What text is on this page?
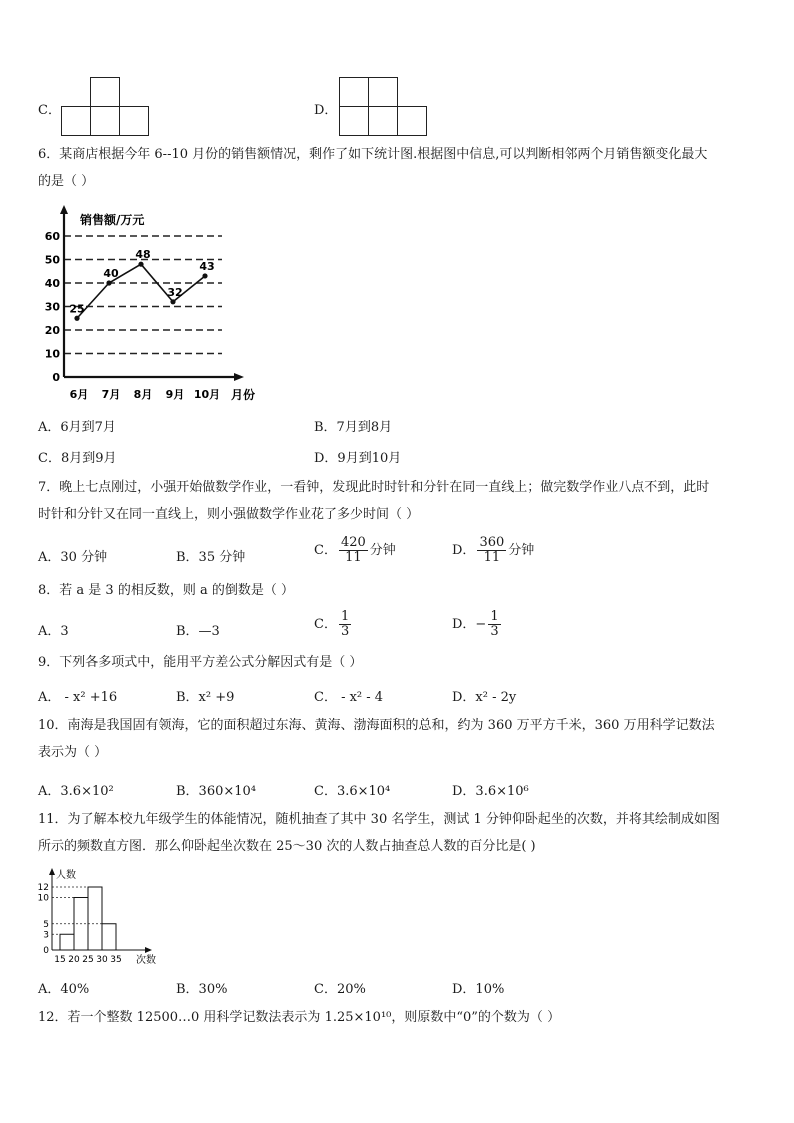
C．	D．
6．某商店根据今年 6--10 月份的销售额情况，剩作了如下统计图.根据图中信息,可以判断相邻两个月销售额变化最大
的是（ ）
0
10
20
30
40
50
60
6月 7月 8月 9月 10月
25
40
48
32
43
销售额/万元
月份
A．6月到7月	B．7月到8月
C．8月到9月	D．9月到10月
7．晚上七点刚过，小强开始做数学作业，一看钟，发现此时时针和分针在同一直线上；做完数学作业八点不到，此时
时针和分针又在同一直线上，则小强做数学作业花了多少时间（ ）
A．30 分钟	B．35 分钟	C． $\frac{420}{11}$ 分钟	D． $\frac{360}{11}$ 分钟
8．若 a 是 3 的相反数，则 a 的倒数是（ ）
A．3	B．—3	C． $\frac{1}{3}$	D．− $\frac{1}{3}$
9．下列各多项式中，能用平方差公式分解因式有是（ ）
A． - x² +16	B．x² +9	C． - x² - 4	D．x² - 2y
10．南海是我国固有领海，它的面积超过东海、黄海、渤海面积的总和，约为 360 万平方千米，360 万用科学记数法
表示为（ ）
A．3.6×10²	B．360×10⁴	C．3.6×10⁴	D．3.6×10⁶
11．为了解本校九年级学生的体能情况，随机抽查了其中 30 名学生，测试 1 分钟仰卧起坐的次数，并将其绘制成如图
所示的频数直方图．那么仰卧起坐次数在 25～30 次的人数占抽查总人数的百分比是( )
0
3
5
10
12
15 20 25 30 35
人数
次数
A．40%	B．30%	C．20%	D．10%
12．若一个整数 12500…0 用科学记数法表示为 1.25×10¹⁰，则原数中“0”的个数为（ ）
